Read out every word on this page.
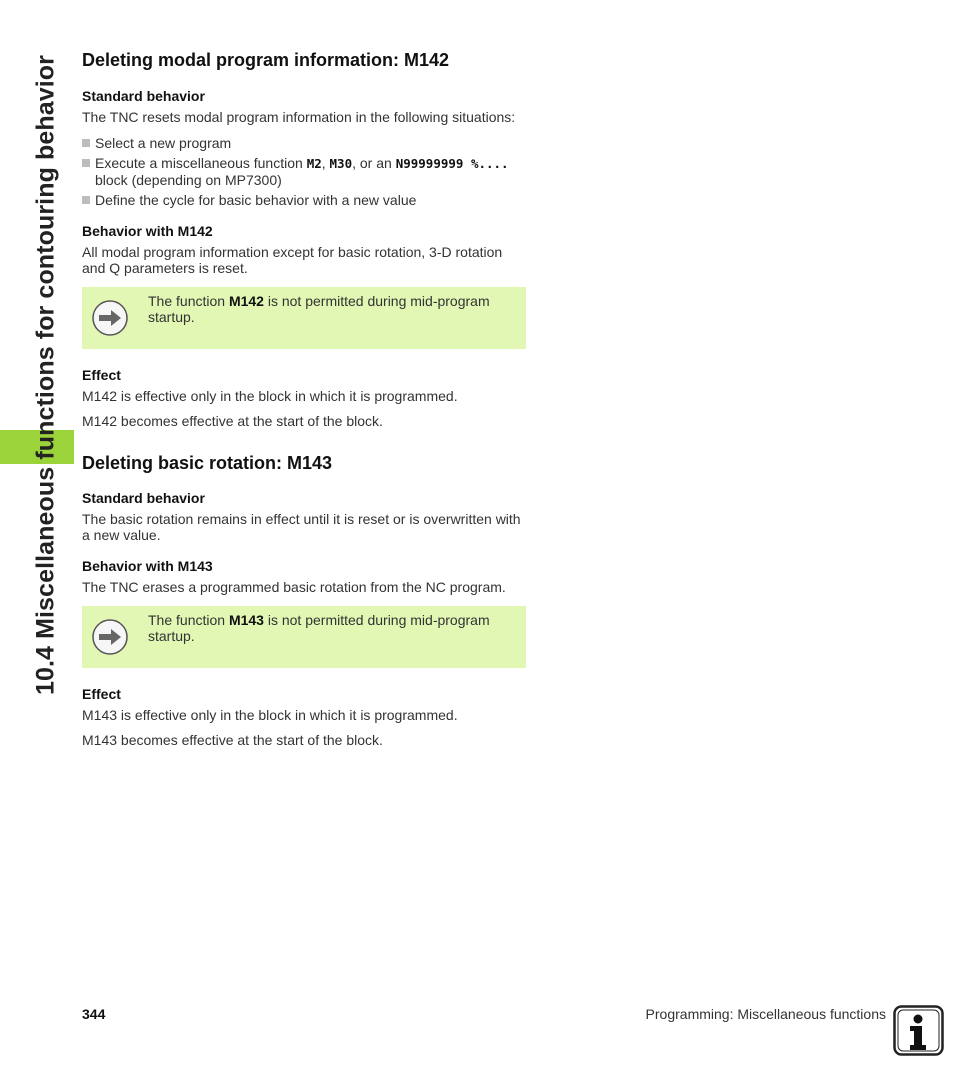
10.4 Miscellaneous functions for contouring behavior Deleting modal program information: M142
Standard behavior

The TNC resets modal program information in the following situations:

Select a new program
Execute a miscellaneous function M2, M30, or an N99999999 %....
block (depending on MP7300)
Define the cycle for basic behavior with a new value
Behavior with M142

All modal program information except for basic rotation, 3-D rotation and Q parameters is reset.

The function M142 is not permitted during mid-program startup.
Effect

M142 is effective only in the block in which it is programmed.

M142 becomes effective at the start of the block.

Deleting basic rotation: M143
Standard behavior

The basic rotation remains in effect until it is reset or is overwritten with a new value.

Behavior with M143

The TNC erases a programmed basic rotation from the NC program.

The function M143 is not permitted during mid-program startup.
Effect

M143 is effective only in the block in which it is programmed.

M143 becomes effective at the start of the block.

344	Programming: Miscellaneous functions
